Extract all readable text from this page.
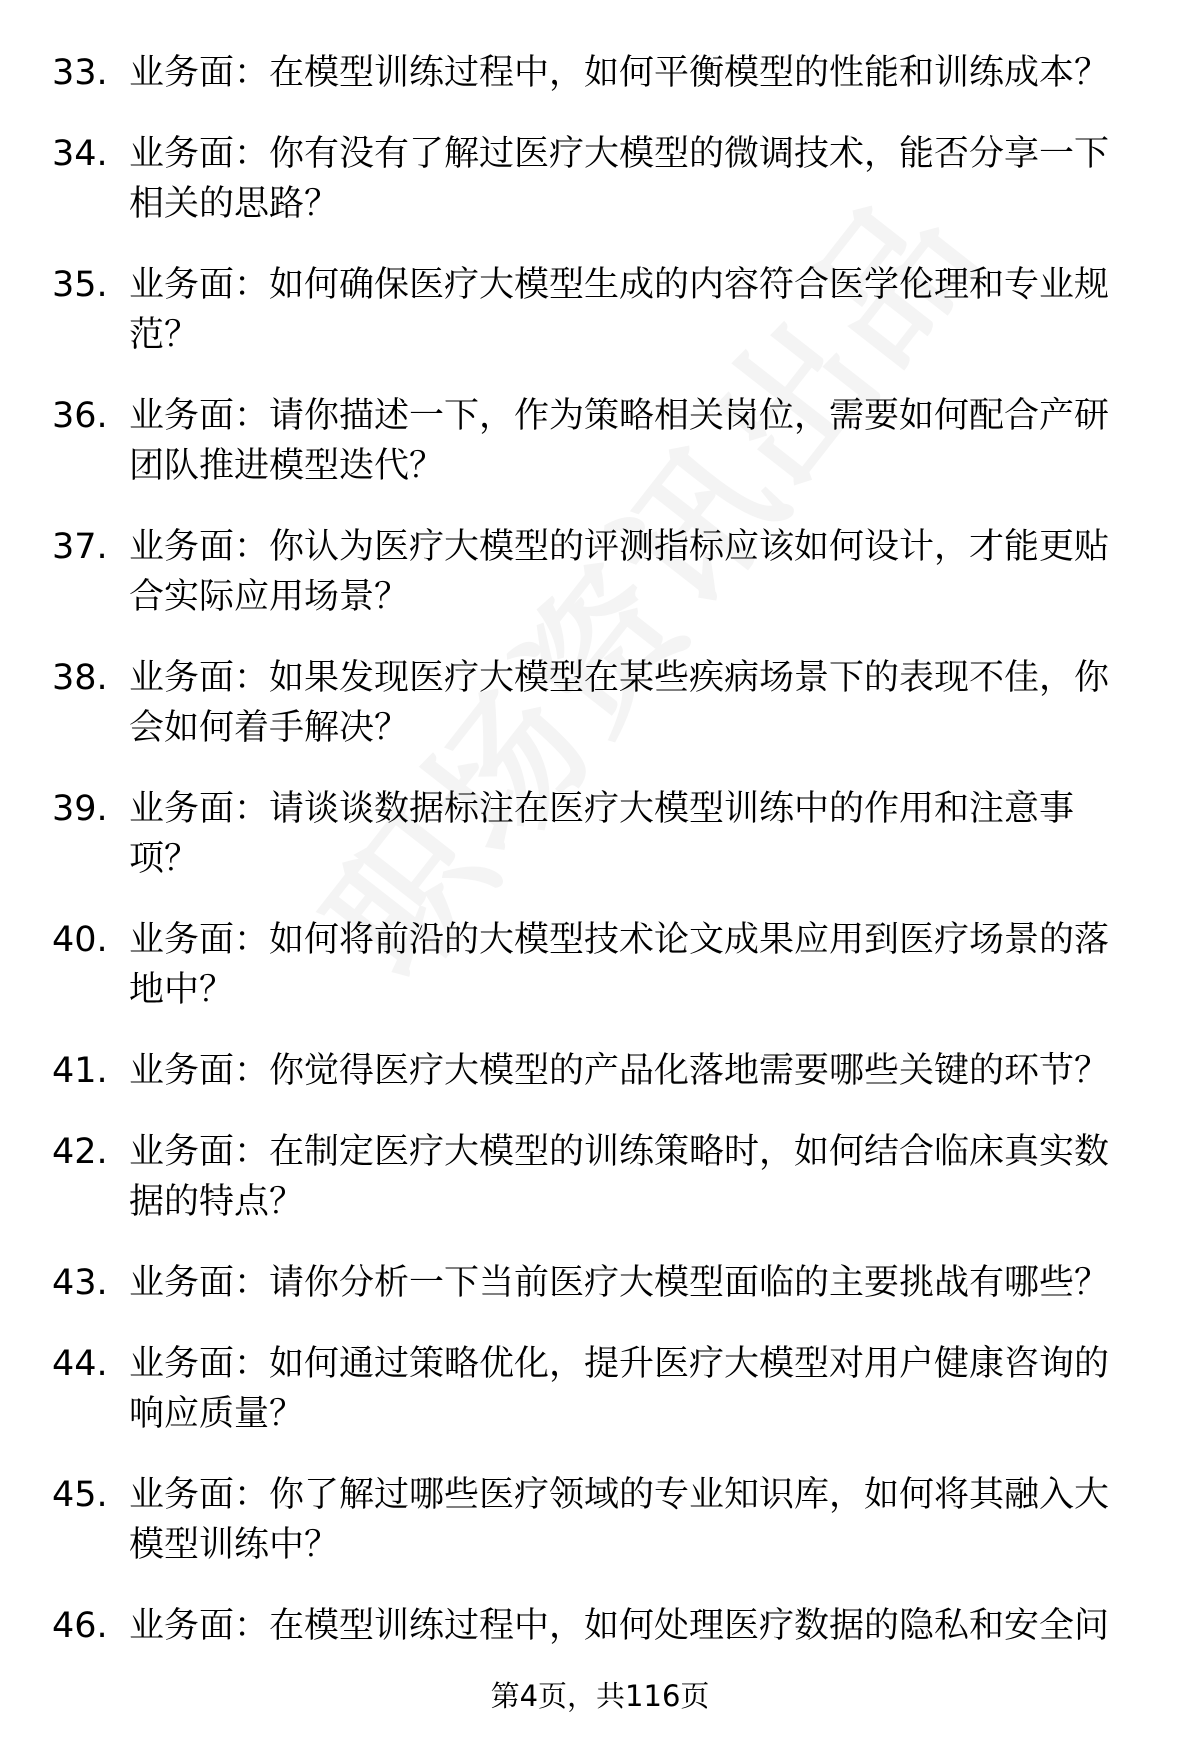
33. 业务面：在模型训练过程中，如何平衡模型的性能和训练成本？
34. 业务面：你有没有了解过医疗大模型的微调技术，能否分享一下相关的思路？
35. 业务面：如何确保医疗大模型生成的内容符合医学伦理和专业规范？
36. 业务面：请你描述一下，作为策略相关岗位，需要如何配合产研团队推进模型迭代？
37. 业务面：你认为医疗大模型的评测指标应该如何设计，才能更贴合实际应用场景？
38. 业务面：如果发现医疗大模型在某些疾病场景下的表现不佳，你会如何着手解决？
39. 业务面：请谈谈数据标注在医疗大模型训练中的作用和注意事项？
40. 业务面：如何将前沿的大模型技术论文成果应用到医疗场景的落地中？
41. 业务面：你觉得医疗大模型的产品化落地需要哪些关键的环节？
42. 业务面：在制定医疗大模型的训练策略时，如何结合临床真实数据的特点？
43. 业务面：请你分析一下当前医疗大模型面临的主要挑战有哪些？
44. 业务面：如何通过策略优化，提升医疗大模型对用户健康咨询的响应质量？
45. 业务面：你了解过哪些医疗领域的专业知识库，如何将其融入大模型训练中？
46. 业务面：在模型训练过程中，如何处理医疗数据的隐私和安全问
第4页，共116页
